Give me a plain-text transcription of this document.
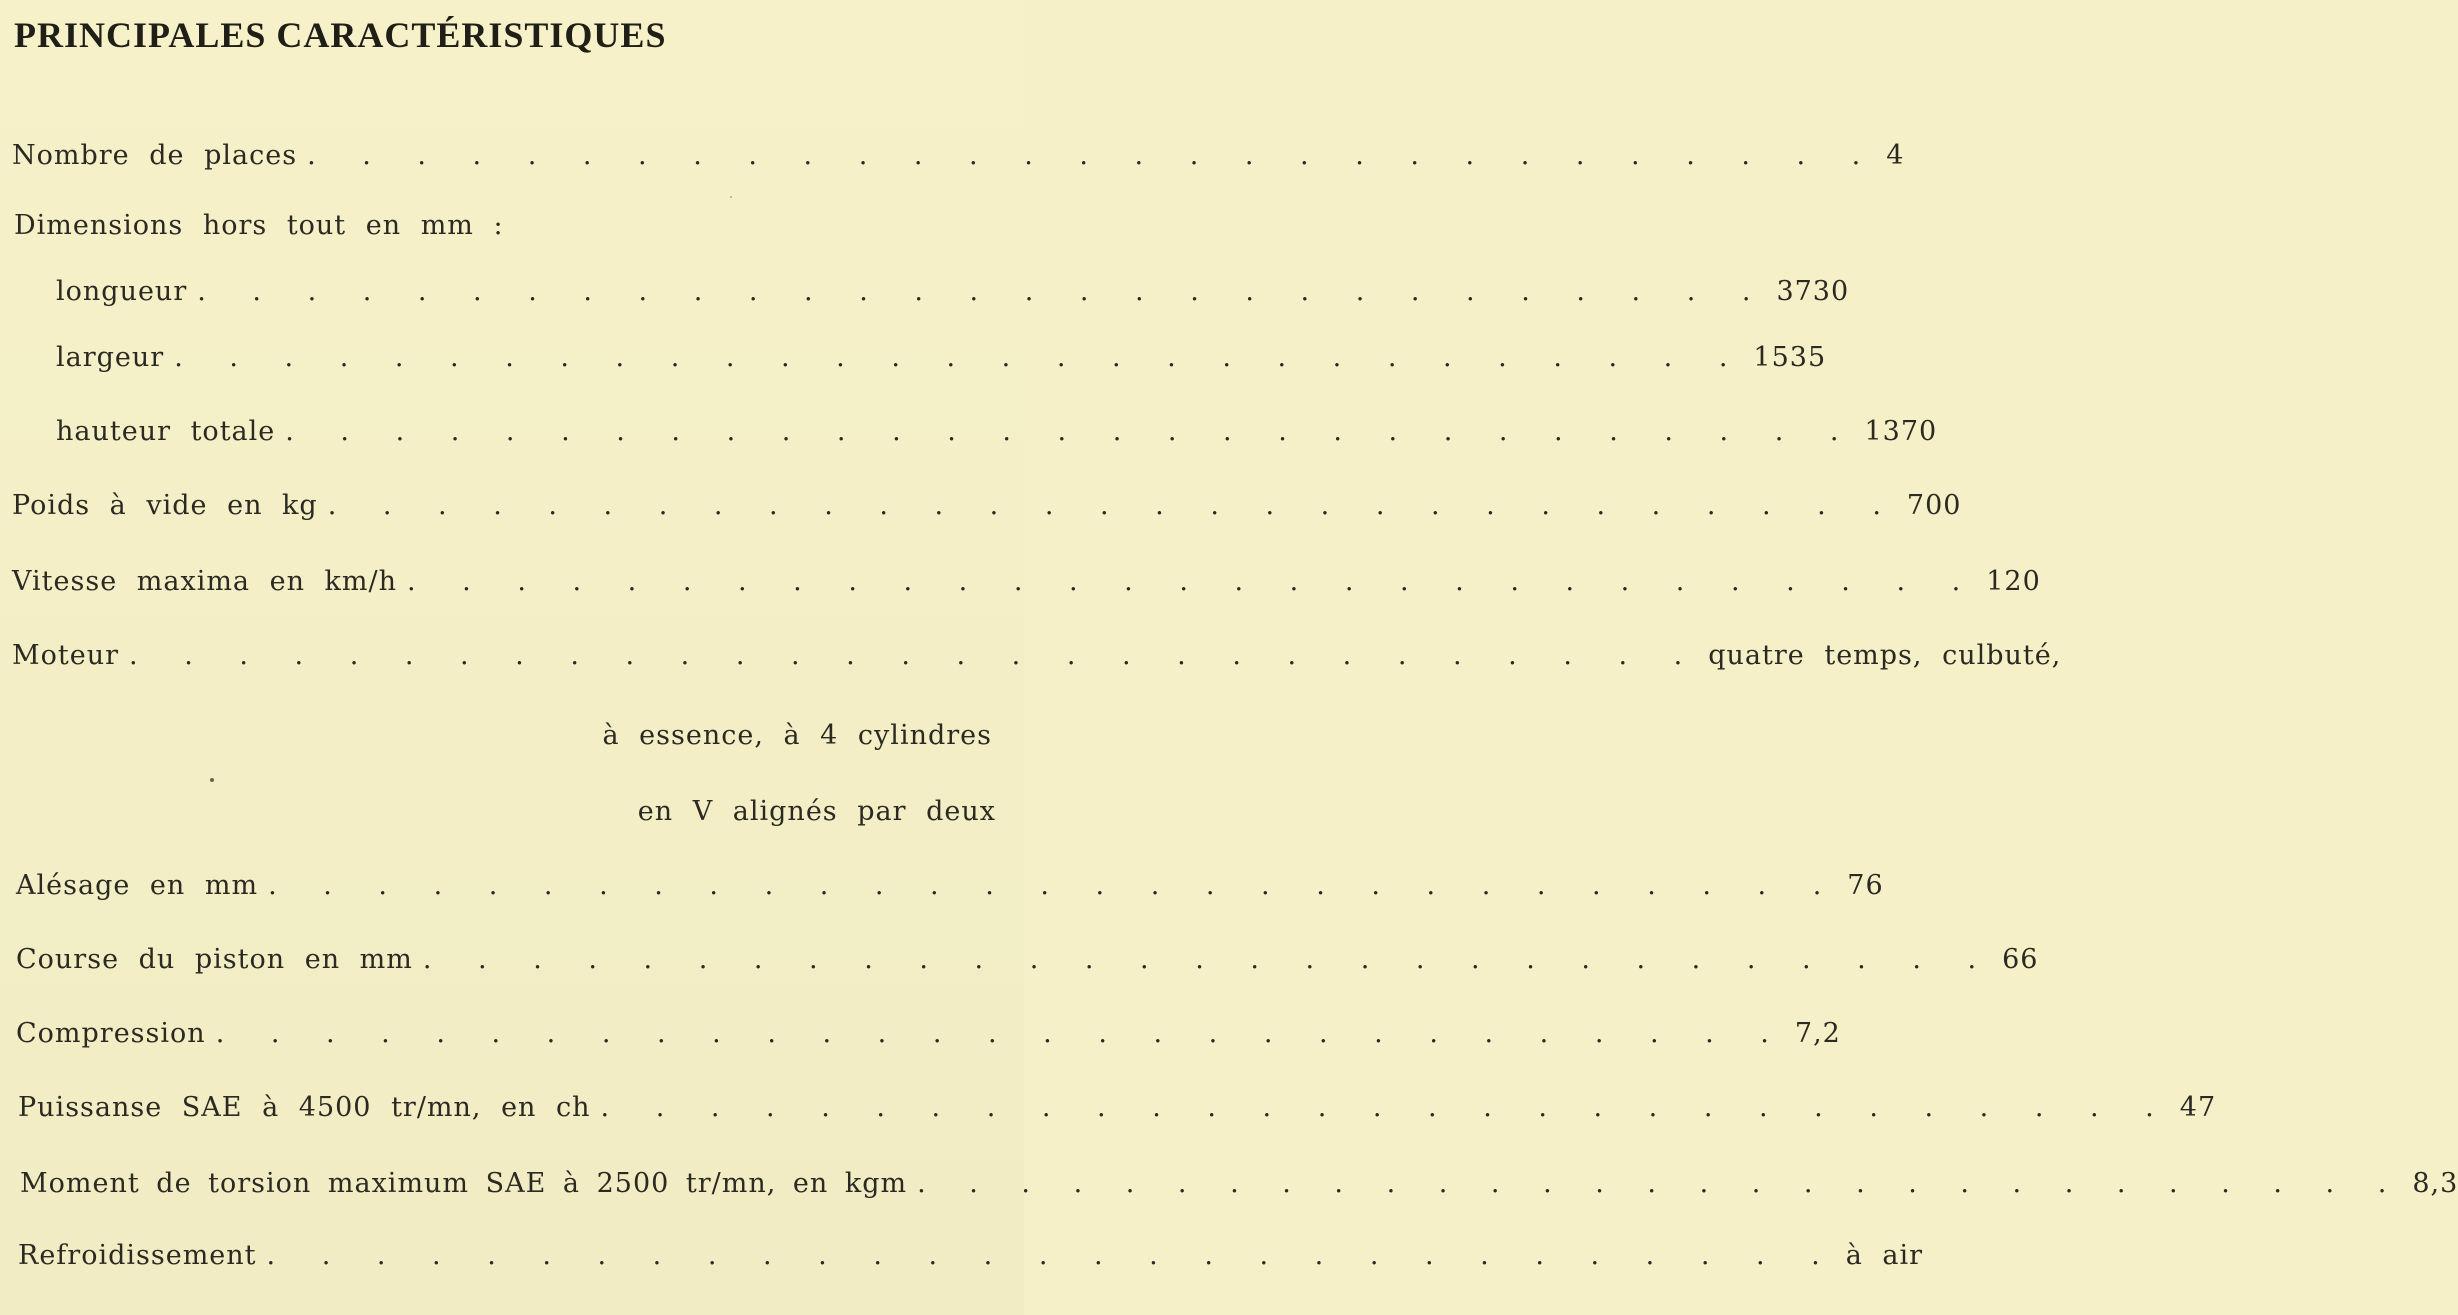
PRINCIPALES CARACTÉRISTIQUES
Nombre de places . . . . . . . . . . . . . . . . . . . . . . . . . . . . . 4
Dimensions hors tout en mm :
longueur . . . . . . . . . . . . . . . . . . . . . . . . . . . . . 3730
largeur . . . . . . . . . . . . . . . . . . . . . . . . . . . . . 1535
hauteur totale . . . . . . . . . . . . . . . . . . . . . . . . . . . . . 1370
Poids à vide en kg . . . . . . . . . . . . . . . . . . . . . . . . . . . . . 700
Vitesse maxima en km/h . . . . . . . . . . . . . . . . . . . . . . . . . . . . . 120
Moteur . . . . . . . . . . . . . . . . . . . . . . . . . . . . . quatre temps, culbuté,
à essence, à 4 cylindres
en V alignés par deux
Alésage en mm . . . . . . . . . . . . . . . . . . . . . . . . . . . . . 76
Course du piston en mm . . . . . . . . . . . . . . . . . . . . . . . . . . . . . 66
Compression . . . . . . . . . . . . . . . . . . . . . . . . . . . . . 7,2
Puissanse SAE à 4500 tr/mn, en ch . . . . . . . . . . . . . . . . . . . . . . . . . . . . . 47
Moment de torsion maximum SAE à 2500 tr/mn, en kgm . . . . . . . . . . . . . . . . . . . . . . . . . . . . . 8,3
Refroidissement . . . . . . . . . . . . . . . . . . . . . . . . . . . . . à air
